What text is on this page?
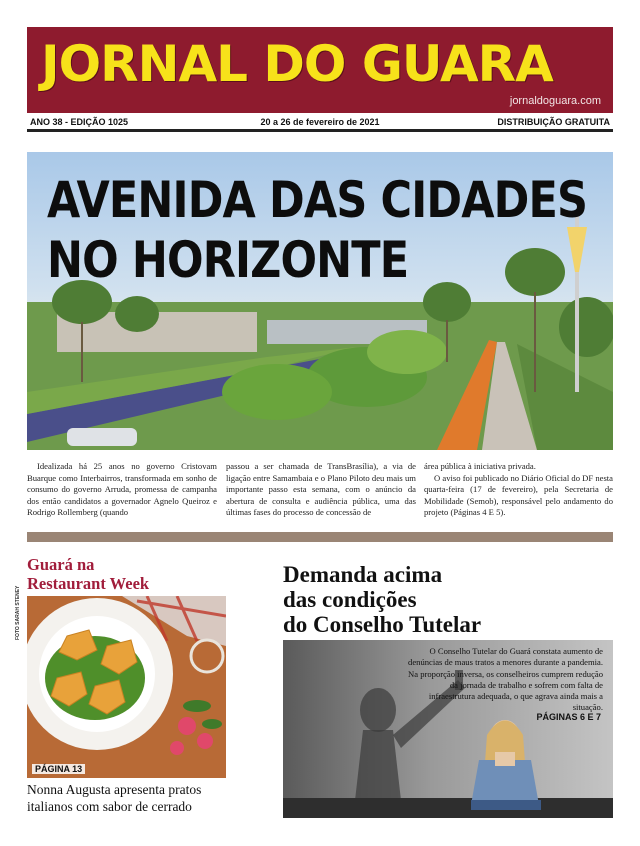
JORNAL DO GUARA
jornaldoguara.com
ANO 38 - EDIÇÃO 1025	20 a 26 de fevereiro de 2021	DISTRIBUIÇÃO GRATUITA
AVENIDA DAS CIDADES
NO HORIZONTE

Idealizada há 25 anos no governo Cristovam Buarque como Interbairros, transformada em sonho de consumo do governo Arruda, promessa de campanha dos então candidatos a governador Agnelo Queiroz e Rodrigo Rollemberg (quando

passou a ser chamada de TransBrasília), a via de ligação entre Samambaia e o Plano Piloto deu mais um importante passo esta semana, com o anúncio da abertura de consulta e audiência pública, uma das últimas fases do processo de concessão de

área pública à iniciativa privada.
O aviso foi publicado no Diário Oficial do DF nesta quarta-feira (17 de fevereiro), pela Secretaria de Mobilidade (Semob), responsável pelo andamento do projeto (Páginas 4 E 5).
Guará na
Restaurant Week
FOTO SARAH STENEY
PÁGINA 13
Nonna Augusta apresenta pratos
italianos com sabor de cerrado
Demanda acima
das condições
do Conselho Tutelar

O Conselho Tutelar do Guará constata aumento de denúncias de maus tratos a menores durante a pandemia. Na proporção inversa, os conselheiros cumprem redução da jornada de trabalho e sofrem com falta de infraestrutura adequada, o que agrava ainda mais a situação.

PÁGINAS 6 E 7
